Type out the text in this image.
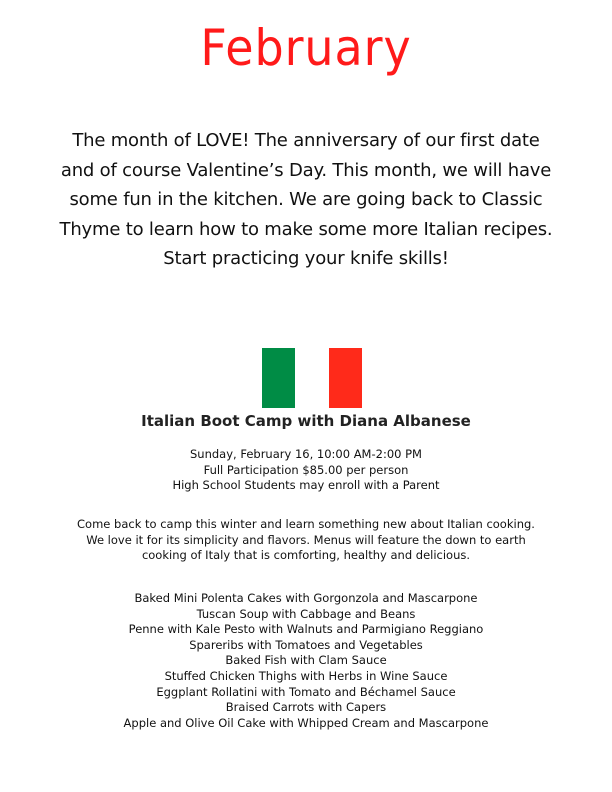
February
The month of LOVE! The anniversary of our first date
and of course Valentine’s Day. This month, we will have
some fun in the kitchen. We are going back to Classic
Thyme to learn how to make some more Italian recipes.
Start practicing your knife skills!
Italian Boot Camp with Diana Albanese
Sunday, February 16, 10:00 AM-2:00 PM
Full Participation $85.00 per person
High School Students may enroll with a Parent
Come back to camp this winter and learn something new about Italian cooking.
We love it for its simplicity and flavors. Menus will feature the down to earth
cooking of Italy that is comforting, healthy and delicious.
Baked Mini Polenta Cakes with Gorgonzola and Mascarpone
Tuscan Soup with Cabbage and Beans
Penne with Kale Pesto with Walnuts and Parmigiano Reggiano
Spareribs with Tomatoes and Vegetables
Baked Fish with Clam Sauce
Stuffed Chicken Thighs with Herbs in Wine Sauce
Eggplant Rollatini with Tomato and Béchamel Sauce
Braised Carrots with Capers
Apple and Olive Oil Cake with Whipped Cream and Mascarpone
